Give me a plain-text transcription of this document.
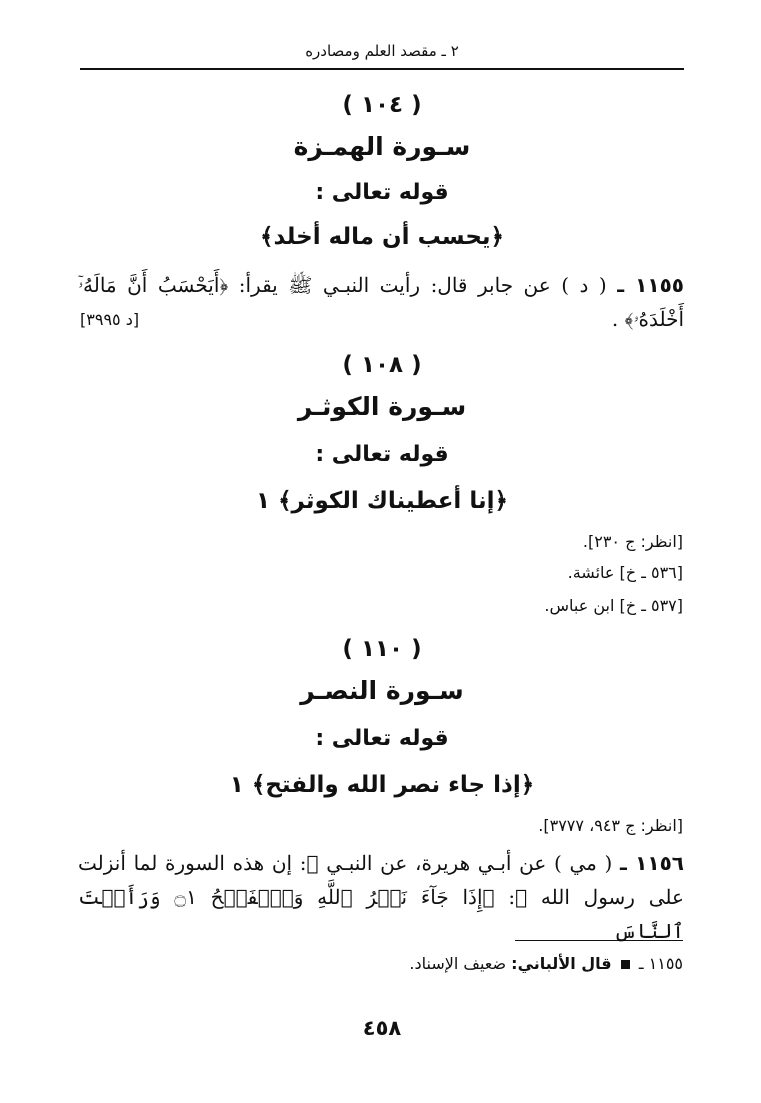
٢ ـ مقصد العلم ومصادره
( ١٠٤ )
سـورة الهمـزة
قوله تعالى :
﴿يحسب أن ماله أخلد﴾
١١٥٥ ـ ( د ) عن جابر قال: رأيت النبـي ﷺ يقرأ: ﴿أَيَحْسَبُ أَنَّ مَالَهُۥٓ أَخْلَدَهُۥ﴾ .
[د ٣٩٩٥]
( ١٠٨ )
سـورة الكوثـر
قوله تعالى :
﴿إنا أعطيناك الكوثر﴾ ١
[انظر: ج ٢٣٠].
[٥٣٦ ـ خ] عائشة.
[٥٣٧ ـ خ] ابن عباس.
( ١١٠ )
سـورة النصـر
قوله تعالى :
﴿إذا جاء نصر الله والفتح﴾ ١
[انظر: ج ٩٤٣، ٣٧٧٧].
١١٥٦ ـ ( مي ) عن أبـي هريرة، عن النبـي ﷺ: إن هذه السورة لما أنزلت على رسول الله ﷺ: ﴿إِذَا جَآءَ نَصۡرُ ٱللَّهِ وَٱلۡفَتۡحُ ۝١ وَرَأَيۡتَ ٱلنَّاسَ
١١٥٥ ـ  قال الألباني: ضعيف الإسناد.
٤٥٨
